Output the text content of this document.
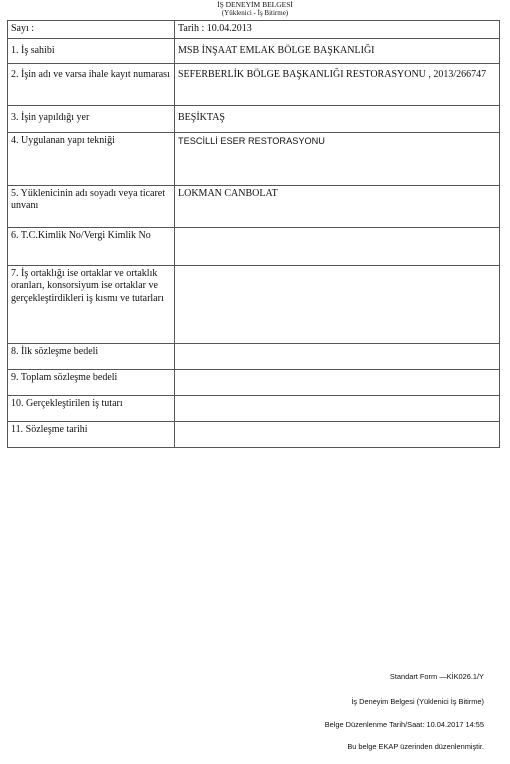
İŞ DENEYİM BELGESİ
(Yüklenici - İş Bitirme)
Sayı :	Tarih : 10.04.2013
1. İş sahibi	MSB İNŞAAT EMLAK BÖLGE BAŞKANLIĞI
2. İşin adı ve varsa ihale kayıt numarası	SEFERBERLİK BÖLGE BAŞKANLIĞI RESTORASYONU , 2013/266747
3. İşin yapıldığı yer	BEŞİKTAŞ
4. Uygulanan yapı tekniği	TESCİLLİ ESER RESTORASYONU
5. Yüklenicinin adı soyadı veya ticaret unvanı	LOKMAN CANBOLAT
6. T.C.Kimlik No/Vergi Kimlik No	
7. İş ortaklığı ise ortaklar ve ortaklık oranları, konsorsiyum ise ortaklar ve gerçekleştirdikleri iş kısmı ve tutarları	
8. İlk sözleşme bedeli	
9. Toplam sözleşme bedeli	
10. Gerçekleştirilen iş tutarı	
11. Sözleşme tarihi	
Standart Form —KİK026.1/Y
İş Deneyim Belgesi (Yüklenici İş Bitirme)
Belge Düzenlenme Tarih/Saat: 10.04.2017 14:55
Bu belge EKAP üzerinden düzenlenmiştir.
